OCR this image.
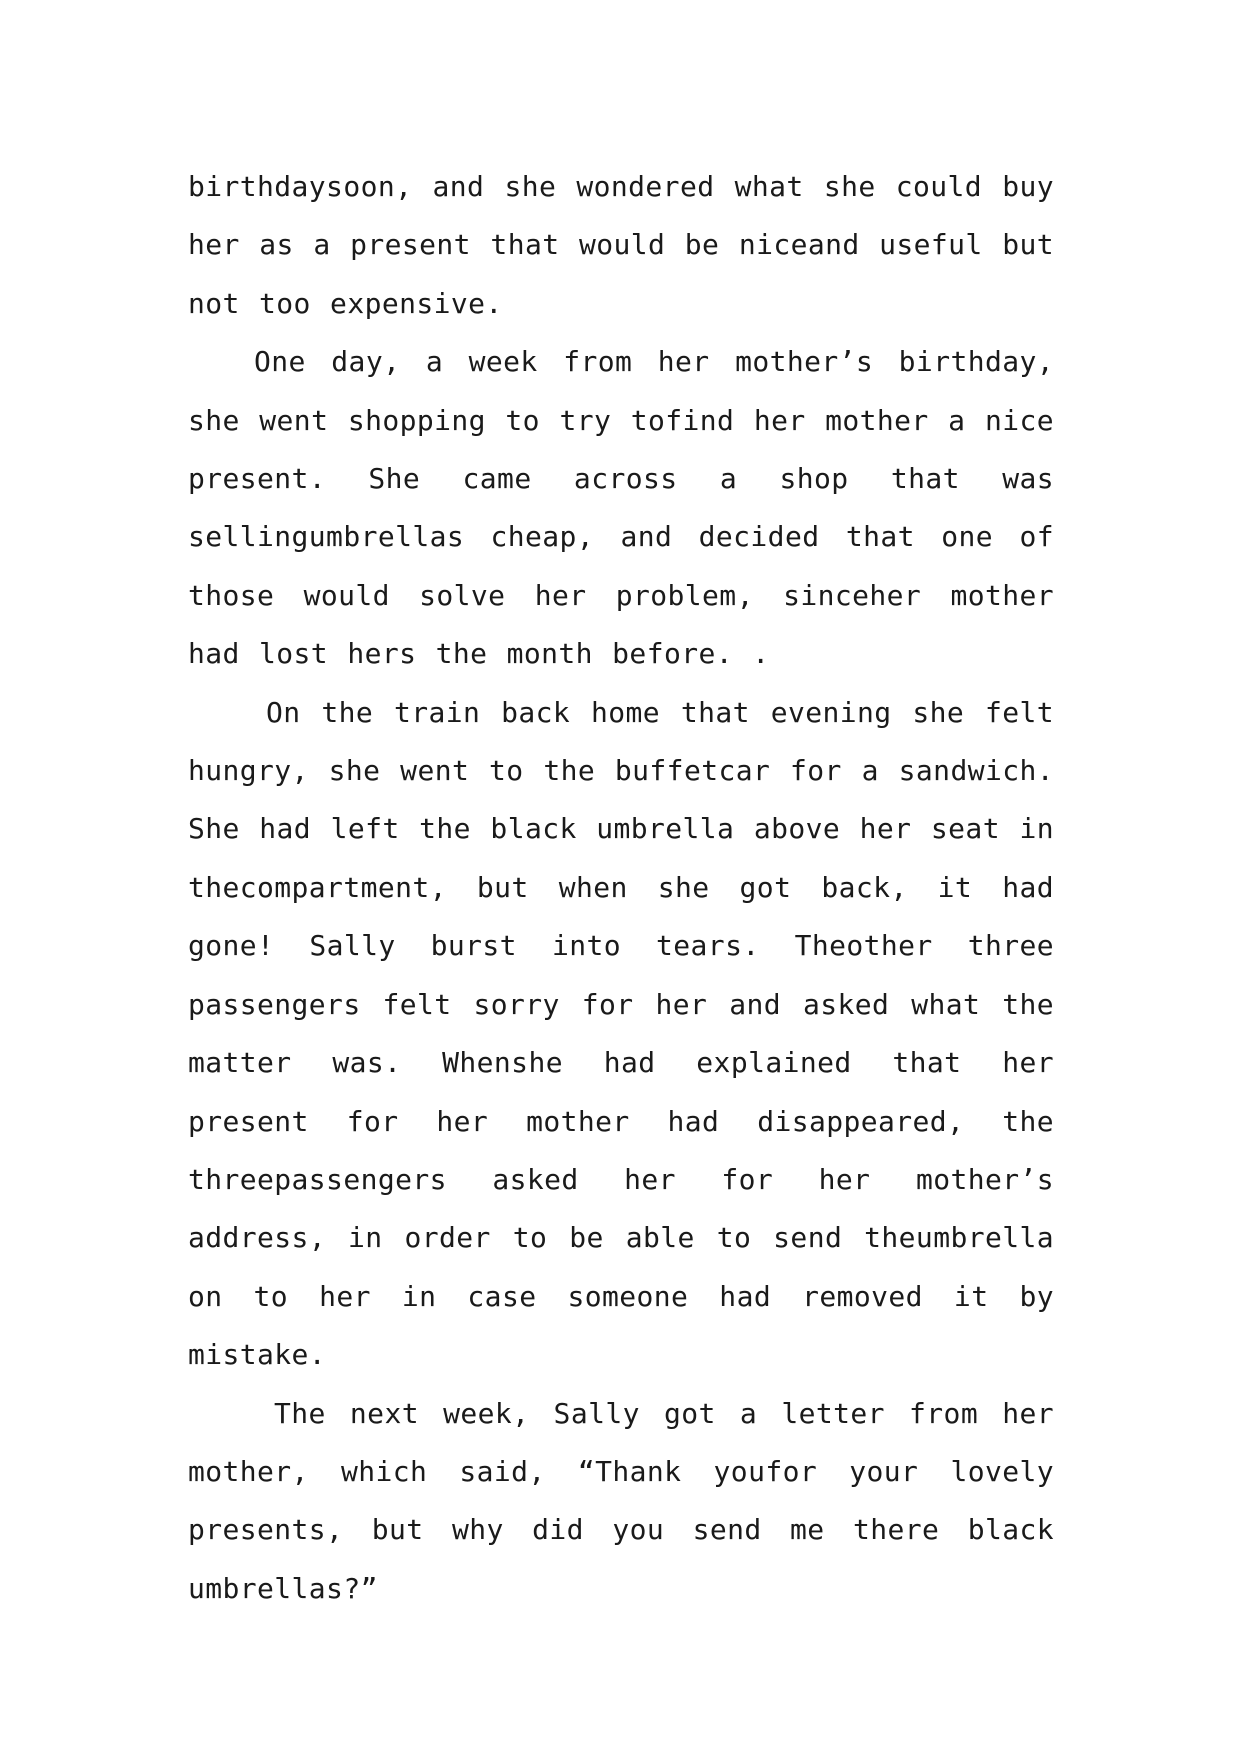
birthdaysoon, and she wondered what she could buy her as a present that would be niceand useful but not too expensive.

One day, a week from her mother’s birthday, she went shopping to try tofind her mother a nice present. She came across a shop that was sellingumbrellas cheap, and decided that one of those would solve her problem, sinceher mother had lost hers the month before. .

On the train back home that evening she felt hungry, she went to the buffetcar for a sandwich. She had left the black umbrella above her seat in thecompartment, but when she got back, it had gone! Sally burst into tears. Theother three passengers felt sorry for her and asked what the matter was. Whenshe had explained that her present for her mother had disappeared, the threepassengers asked her for her mother’s address, in order to be able to send theumbrella on to her in case someone had removed it by mistake.

The next week, Sally got a letter from her mother, which said, “Thank youfor your lovely presents, but why did you send me there black umbrellas?”
